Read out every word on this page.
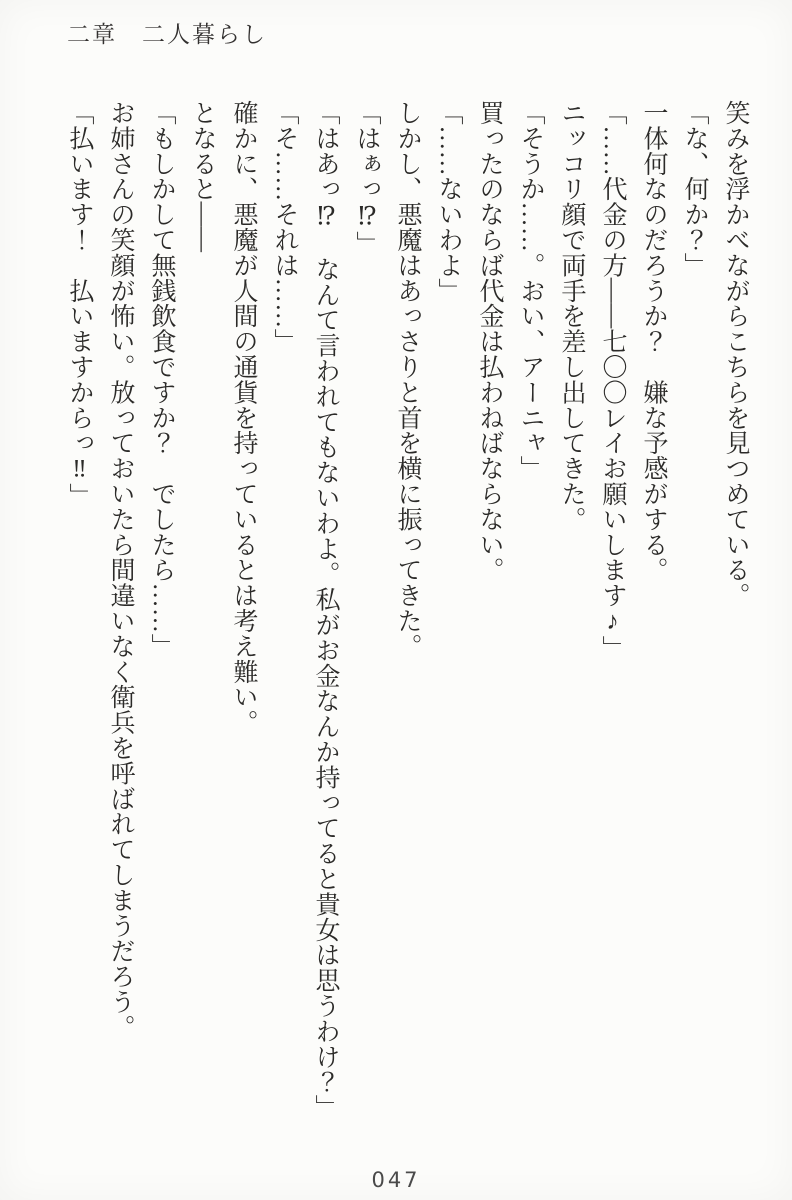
二章　二人暮らし

笑みを浮かべながらこちらを見つめている。

「な、何か？」

一体何なのだろうか？　嫌な予感がする。

「……代金の方——七〇〇レイお願いします♪」

ニッコリ顔で両手を差し出してきた。

「そうか……。おい、アーニャ」

買ったのならば代金は払わねばならない。

「……ないわよ」

しかし、悪魔はあっさりと首を横に振ってきた。

「はぁっ⁉」

「はあっ⁉　なんて言われてもないわよ。私がお金なんか持ってると貴女は思うわけ？」

「そ……それは……」

確かに、悪魔が人間の通貨を持っているとは考え難い。

となると——

「もしかして無銭飲食ですか？　でしたら……」

お姉さんの笑顔が怖い。放っておいたら間違いなく衛兵を呼ばれてしまうだろう。

「払います！　払いますからっ‼」

047
